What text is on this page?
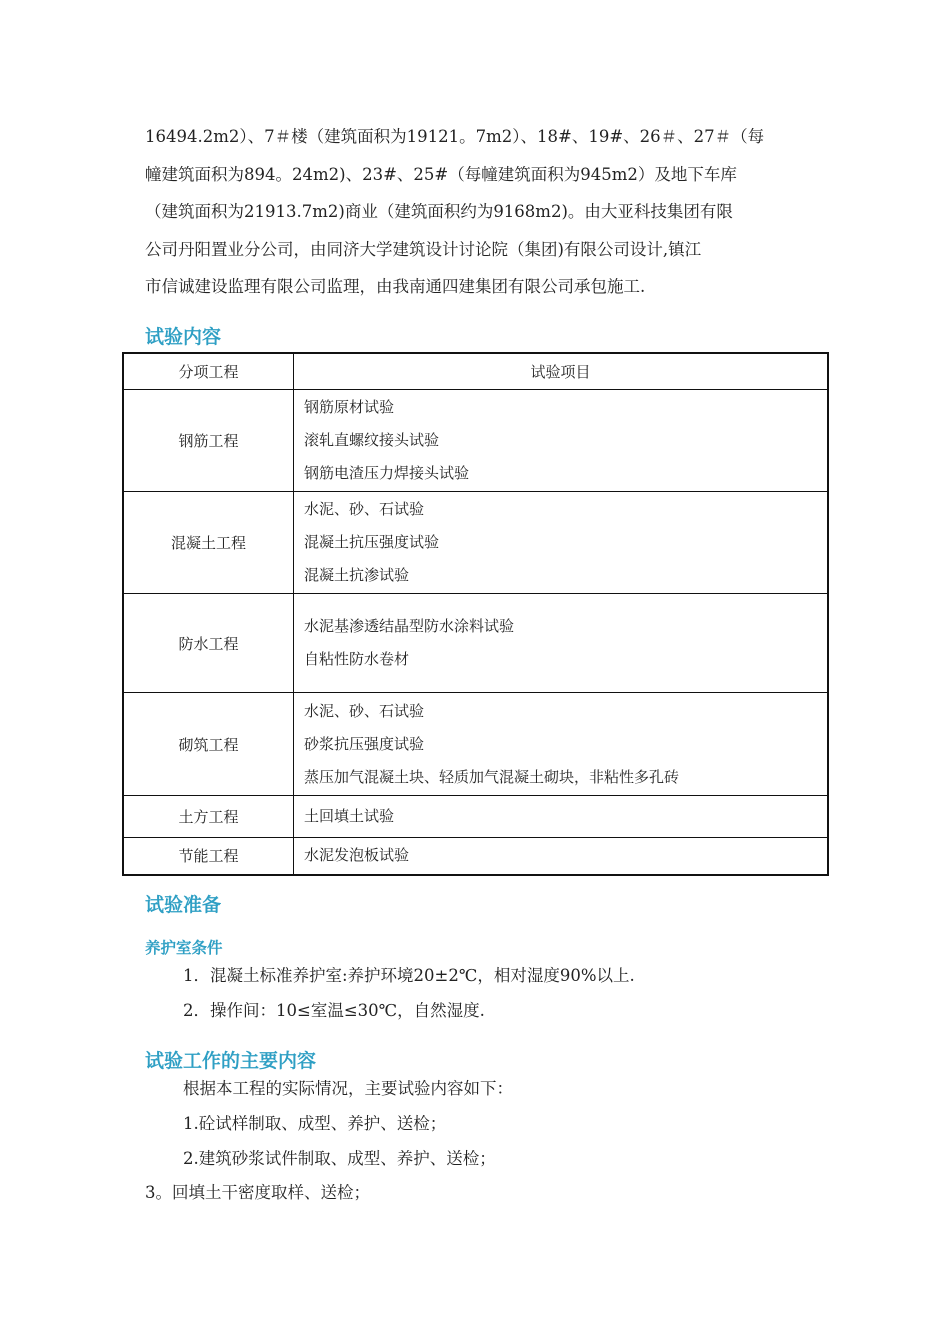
16494.2m2）、7＃楼（建筑面积为19121。7m2）、18#、19#、26＃、27＃（每

幢建筑面积为894。24m2)、23#、25#（每幢建筑面积为945m2）及地下车库

（建筑面积为21913.7m2)商业（建筑面积约为9168m2)。由大亚科技集团有限

公司丹阳置业分公司，由同济大学建筑设计讨论院（集团)有限公司设计,镇江

市信诚建设监理有限公司监理，由我南通四建集团有限公司承包施工.

试验内容
分项工程	试验项目
钢筋工程	钢筋原材试验
滚轧直螺纹接头试验
钢筋电渣压力焊接头试验

混凝土工程	水泥、砂、石试验
混凝土抗压强度试验
混凝土抗渗试验

防水工程	水泥基渗透结晶型防水涂料试验
自粘性防水卷材

砌筑工程	水泥、砂、石试验
砂浆抗压强度试验
蒸压加气混凝土块、轻质加气混凝土砌块，非粘性多孔砖

土方工程	土回填土试验

节能工程	水泥发泡板试验
试验准备
养护室条件

1．混凝土标准养护室:养护环境20±2℃，相对湿度90%以上.

2．操作间：10≤室温≤30℃，自然湿度.

试验工作的主要内容

根据本工程的实际情况，主要试验内容如下：

1.砼试样制取、成型、养护、送检；

2.建筑砂浆试件制取、成型、养护、送检；

3。回填土干密度取样、送检；
